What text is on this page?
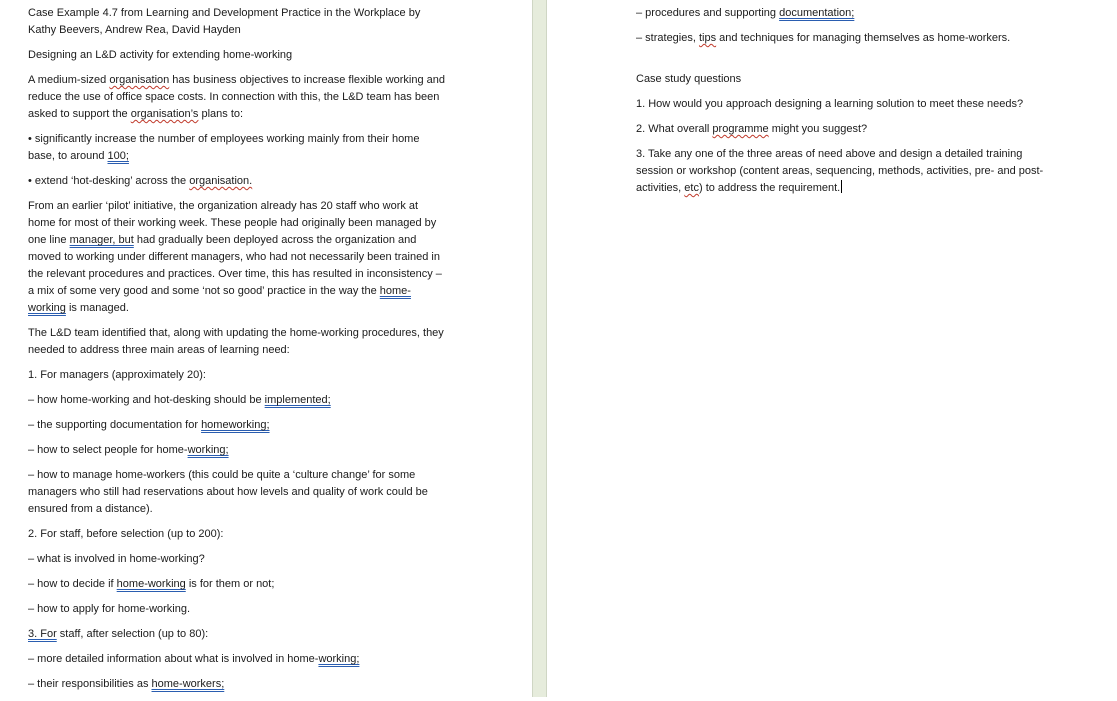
Case Example 4.7 from Learning and Development Practice in the Workplace by Kathy Beevers, Andrew Rea, David Hayden

Designing an L&D activity for extending home-working

A medium-sized organisation has business objectives to increase flexible working and reduce the use of office space costs. In connection with this, the L&D team has been asked to support the organisation’s plans to:

• significantly increase the number of employees working mainly from their home base, to around 100;

• extend ‘hot-desking’ across the organisation.

From an earlier ‘pilot’ initiative, the organization already has 20 staff who work at home for most of their working week. These people had originally been managed by one line manager, but had gradually been deployed across the organization and moved to working under different managers, who had not necessarily been trained in the relevant procedures and practices. Over time, this has resulted in inconsistency – a mix of some very good and some ‘not so good’ practice in the way the home-working is managed.

The L&D team identified that, along with updating the home-working procedures, they needed to address three main areas of learning need:

1. For managers (approximately 20):

– how home-working and hot-desking should be implemented;

– the supporting documentation for homeworking;

– how to select people for home-working;

– how to manage home-workers (this could be quite a ‘culture change’ for some managers who still had reservations about how levels and quality of work could be ensured from a distance).

2. For staff, before selection (up to 200):

– what is involved in home-working?

– how to decide if home-working is for them or not;

– how to apply for home-working.

3. For staff, after selection (up to 80):

– more detailed information about what is involved in home-working;

– their responsibilities as home-workers;

– procedures and supporting documentation;

– strategies, tips and techniques for managing themselves as home-workers.

Case study questions

1. How would you approach designing a learning solution to meet these needs?

2. What overall programme might you suggest?

3. Take any one of the three areas of need above and design a detailed training session or workshop (content areas, sequencing, methods, activities, pre- and post-activities, etc) to address the requirement.
